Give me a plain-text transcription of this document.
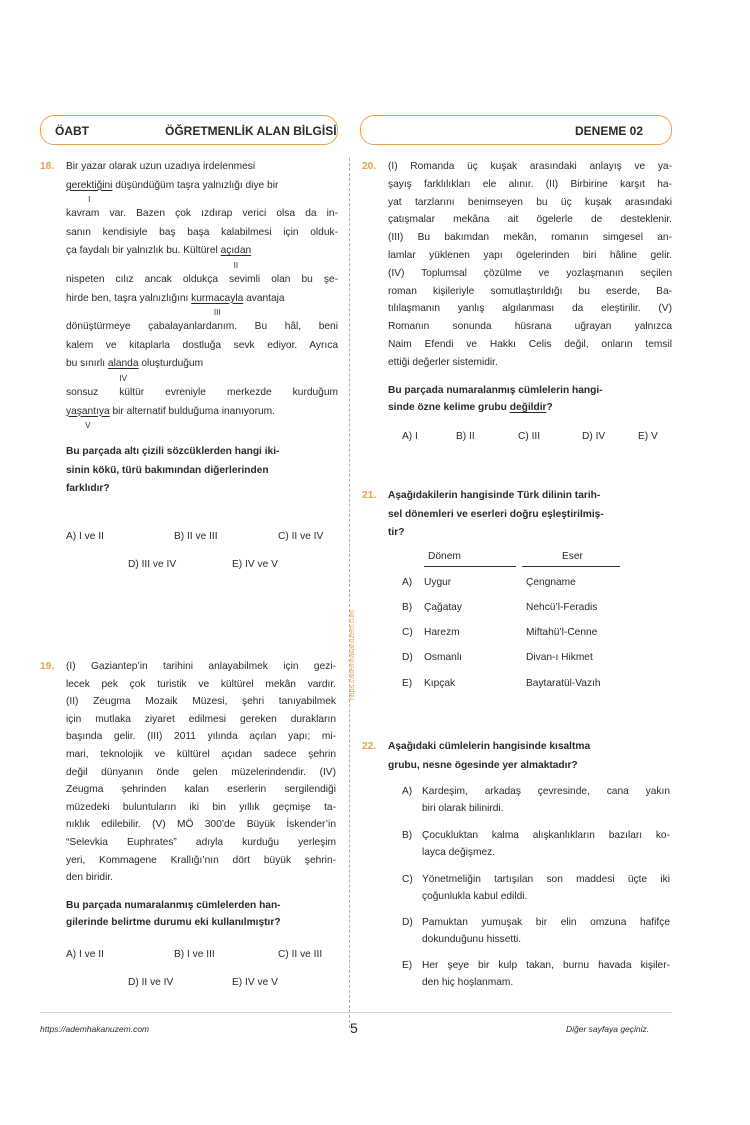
ÖABT	ÖĞRETMENLİK ALAN BİLGİSİ	DENEME 02
https://ademhakanuzem.com
18. Bir yazar olarak uzun uzadıya irdelenmesi
gerektiğini
I
düşündüğüm taşra yalnızlığı diye bir
kavram var. Bazen çok ızdırap verici olsa da in-
sanın kendisiyle baş başa kalabilmesi için olduk-
ça faydalı bir yalnızlık bu. Kültürel açıdan
II
nispeten cılız ancak oldukça sevimli olan bu şe-
hirde ben, taşra yalnızlığını kurmacayla
III
avantaja
dönüştürmeye çabalayanlardanım. Bu hâl, beni
kalem ve kitaplarla dostluğa sevk ediyor. Ayrıca
bu sınırlı alanda
IV
oluşturduğum
sonsuz kültür evreniyle merkezde kurduğum
yaşantıya
V
bir alternatif bulduğuma inanıyorum.
Bu parçada altı çizili sözcüklerden hangi iki-
sinin kökü, türü bakımından diğerlerinden
farklıdır?
A) I ve II	B) II ve III	C) II ve IV
D) III ve IV	E) IV ve V
19. (I) Gaziantep’in tarihini anlayabilmek için gezi-
lecek pek çok turistik ve kültürel mekân vardır.
(II) Zeugma Mozaik Müzesi, şehri tanıyabilmek
için mutlaka ziyaret edilmesi gereken durakların
başında gelir. (III) 2011 yılında açılan yapı; mi-
mari, teknolojik ve kültürel açıdan sadece şehrin
değil dünyanın önde gelen müzelerindendir. (IV)
Zeugma şehrinden kalan eserlerin sergilendiği
müzedeki buluntuların iki bin yıllık geçmişe ta-
nıklık edilebilir. (V) MÖ 300’de Büyük İskender’in
“Selevkia Euphrates” adıyla kurduğu yerleşim
yeri, Kommagene Krallığı’nın dört büyük şehrin-
den biridir.
Bu parçada numaralanmış cümlelerden han-
gilerinde belirtme durumu eki kullanılmıştır?
A) I ve II	B) I ve III	C) II ve III
D) II ve IV	E) IV ve V
20. (I) Romanda üç kuşak arasındaki anlayış ve ya-
şayış farklılıkları ele alınır. (II) Birbirine karşıt ha-
yat tarzlarını benimseyen bu üç kuşak arasındaki
çatışmalar mekâna ait ögelerle de desteklenir.
(III) Bu bakımdan mekân, romanın simgesel an-
lamlar yüklenen yapı ögelerinden biri hâline gelir.
(IV) Toplumsal çözülme ve yozlaşmanın seçilen
roman kişileriyle somutlaştırıldığı bu eserde, Ba-
tılılaşmanın yanlış algılanması da eleştirilir. (V)
Romanın sonunda hüsrana uğrayan yalnızca
Naim Efendi ve Hakkı Celis değil, onların temsil
ettiği değerler sistemidir.
Bu parçada numaralanmış cümlelerin hangi-
sinde özne kelime grubu değildir?
A) I	B) II	C) III	D) IV	E) V
21. Aşağıdakilerin hangisinde Türk dilinin tarih-
sel dönemleri ve eserleri doğru eşleştirilmiş-
tir?
Dönem	Eser
A) Uygur	Çengname
B) Çağatay	Nehcü’l-Feradis
C) Harezm	Miftahü’l-Cenne
D) Osmanlı	Divan-ı Hikmet
E) Kıpçak	Baytaratül-Vazıh
22. Aşağıdaki cümlelerin hangisinde kısaltma
grubu, nesne ögesinde yer almaktadır?
A) Kardeşim, arkadaş çevresinde, cana yakın
biri olarak bilinirdi.
B) Çocukluktan kalma alışkanlıkların bazıları ko-
layca değişmez.
C) Yönetmeliğin tartışılan son maddesi üçte iki
çoğunlukla kabul edildi.
D) Pamuktan yumuşak bir elin omzuna hafifçe
dokunduğunu hissetti.
E) Her şeye bir kulp takan, burnu havada kişiler-
den hiç hoşlanmam.
https://ademhakanuzem.com	5	Diğer sayfaya geçiniz.
